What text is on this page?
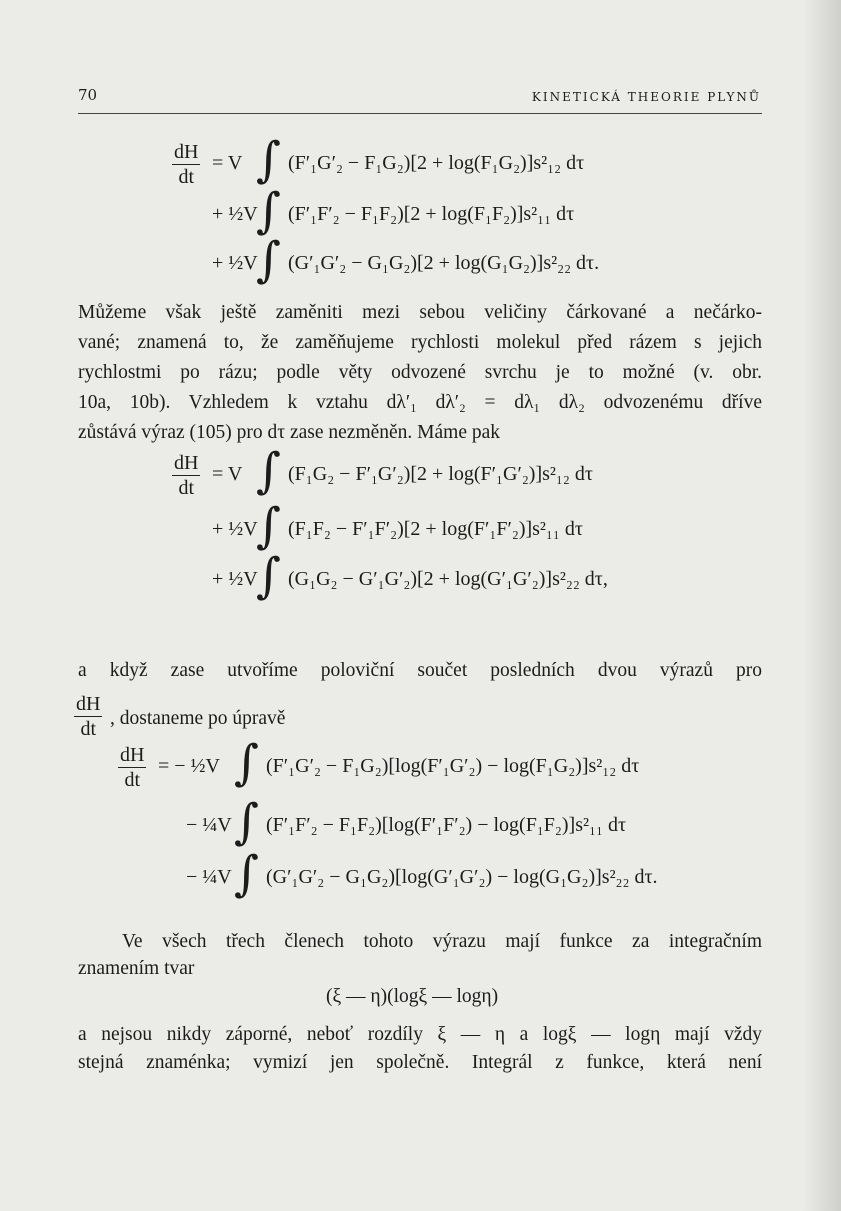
70	KINETICKÁ THEORIE PLYNŮ
$\frac{dH}{dt} = V$ ∫ (F′₁G′₂ − F₁G₂)[2 + log(F₁G₂)]s²₁₂ dτ
+ ½V
∫ (F′₁F′₂ − F₁F₂)[2 + log(F₁F₂)]s²₁₁ dτ
+ ½V
∫ (G′₁G′₂ − G₁G₂)[2 + log(G₁G₂)]s²₂₂ dτ.
Můžeme však ještě zaměniti mezi sebou veličiny čárkované a nečárko-
vané; znamená to, že zaměňujeme rychlosti molekul před rázem s jejich
rychlostmi po rázu; podle věty odvozené svrchu je to možné (v. obr.
10a, 10b). Vzhledem k vztahu dλ′₁ dλ′₂ = dλ₁ dλ₂ odvozenému dříve
zůstává výraz (105) pro dτ zase nezměněn. Máme pak
$\frac{dH}{dt} = V$ ∫ (F₁G₂ − F′₁G′₂)[2 + log(F′₁G′₂)]s²₁₂ dτ
+ ½V
∫ (F₁F₂ − F′₁F′₂)[2 + log(F′₁F′₂)]s²₁₁ dτ
+ ½V
∫ (G₁G₂ − G′₁G′₂)[2 + log(G′₁G′₂)]s²₂₂ dτ,
a když zase utvoříme poloviční součet posledních dvou výrazů pro
$\frac{dH}{dt}$ , dostaneme po úpravě
$\frac{dH}{dt}$ = − ½V ∫ (F′₁G′₂ − F₁G₂)[log(F′₁G′₂) − log(F₁G₂)]s²₁₂ dτ
− ¼V ∫ (F′₁F′₂ − F₁F₂)[log(F′₁F′₂) − log(F₁F₂)]s²₁₁ dτ
− ¼V ∫ (G′₁G′₂ − G₁G₂)[log(G′₁G′₂) − log(G₁G₂)]s²₂₂ dτ.
Ve všech třech členech tohoto výrazu mají funkce za integračním
znamením tvar
(ξ — η)(logξ — logη)
a nejsou nikdy záporné, neboť rozdíly ξ — η a logξ — logη mají vždy
stejná znaménka; vymizí jen společně. Integrál z funkce, která není
